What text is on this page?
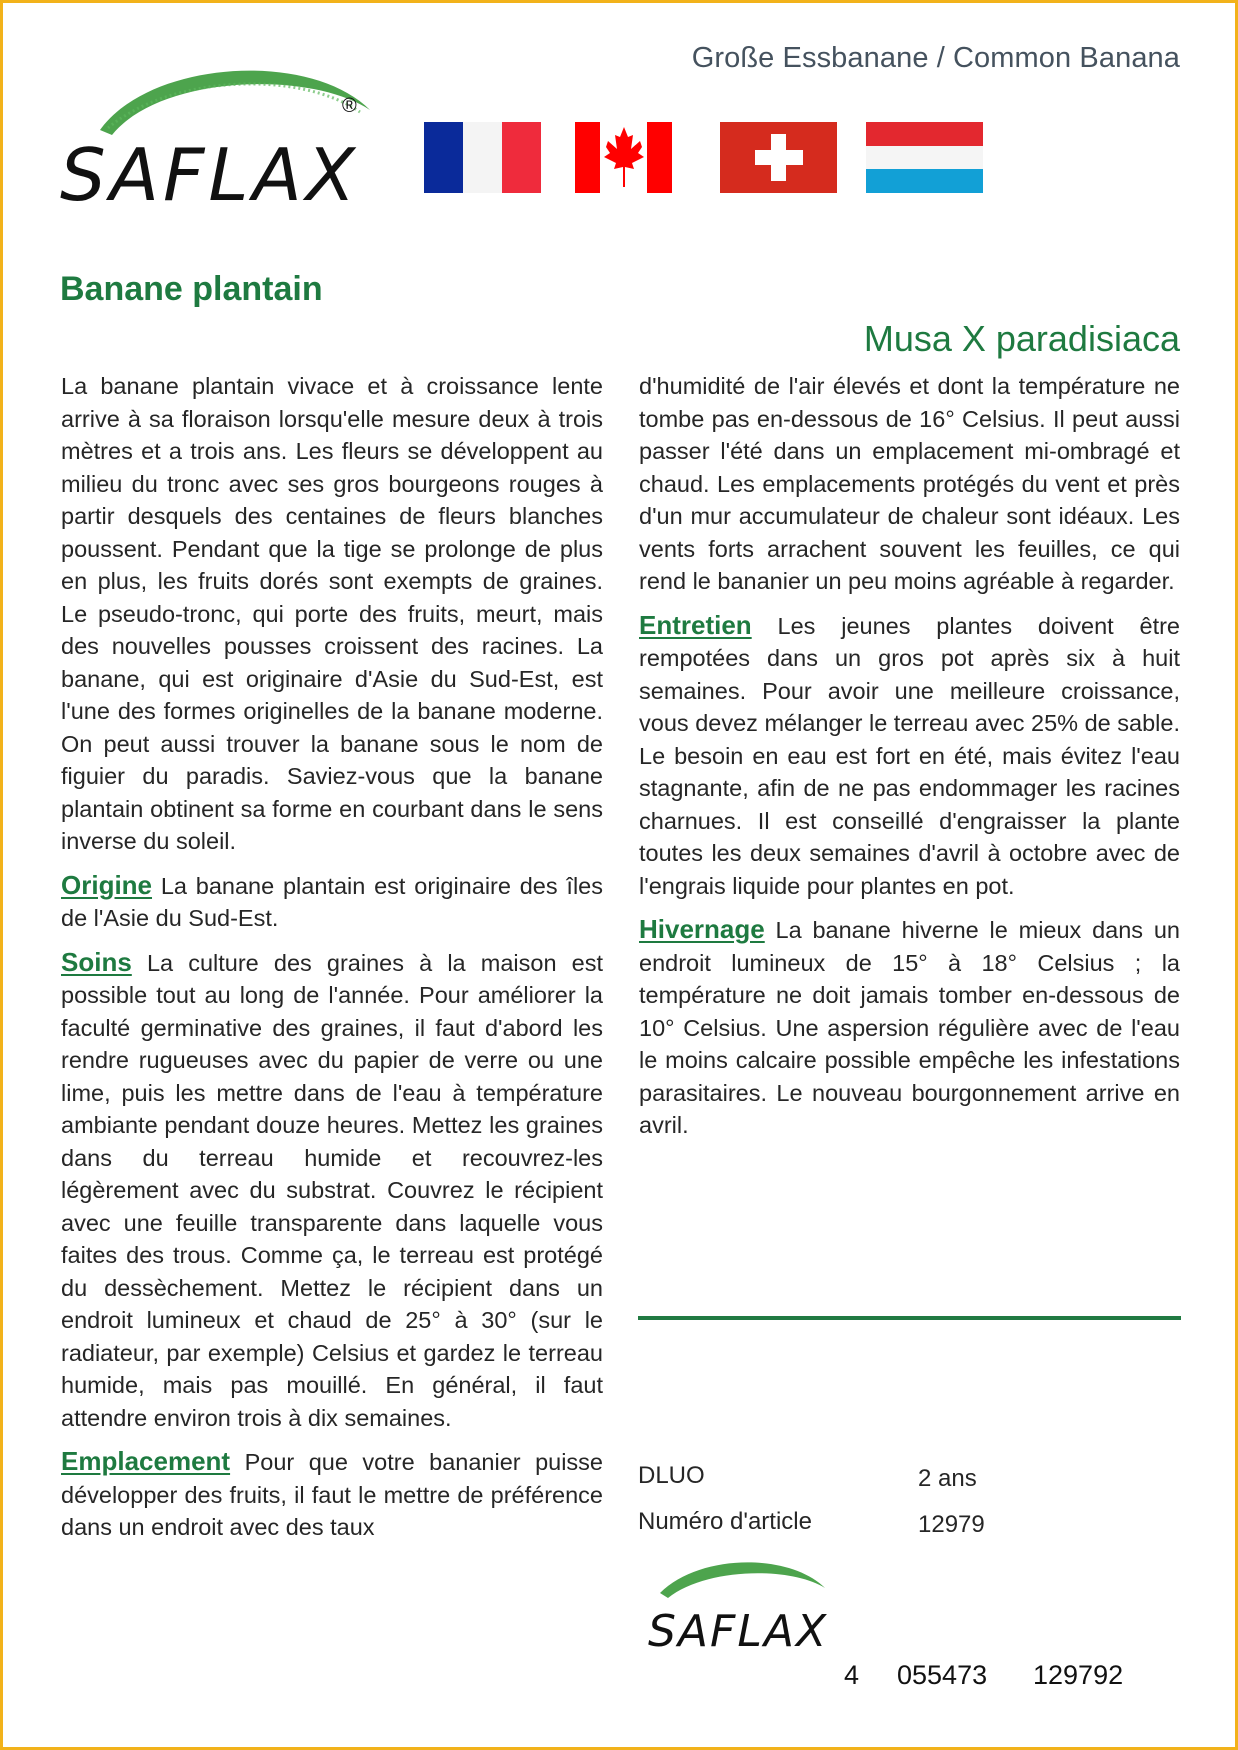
SAFLAX
®
Große Essbanane / Common Banana
Banane plantain
Musa X paradisiaca

La banane plantain vivace et à croissance lente arrive à sa floraison lorsqu'elle mesure deux à trois mètres et a trois ans. Les fleurs se développent au milieu du tronc avec ses gros bourgeons rouges à partir desquels des centaines de fleurs blanches poussent. Pendant que la tige se prolonge de plus en plus, les fruits dorés sont exempts de graines. Le pseudo-tronc, qui porte des fruits, meurt, mais des nouvelles pousses croissent des racines. La banane, qui est originaire d'Asie du Sud-Est, est l'une des formes originelles de la banane moderne. On peut aussi trouver la banane sous le nom de figuier du paradis. Saviez-vous que la banane plantain obtinent sa forme en courbant dans le sens inverse du soleil.

Origine La banane plantain est originaire des îles de l'Asie du Sud-Est.

Soins La culture des graines à la maison est possible tout au long de l'année. Pour améliorer la faculté germinative des graines, il faut d'abord les rendre rugueuses avec du papier de verre ou une lime, puis les mettre dans de l'eau à température ambiante pendant douze heures. Mettez les graines dans du terreau humide et recouvrez-les légèrement avec du substrat. Couvrez le récipient avec une feuille transparente dans laquelle vous faites des trous. Comme ça, le terreau est protégé du dessèchement. Mettez le récipient dans un endroit lumineux et chaud de 25° à 30° (sur le radiateur, par exemple) Celsius et gardez le terreau humide, mais pas mouillé. En général, il faut attendre environ trois à dix semaines.

Emplacement Pour que votre bananier puisse développer des fruits, il faut le mettre de préférence dans un endroit avec des taux

d'humidité de l'air élevés et dont la température ne tombe pas en-dessous de 16° Celsius. Il peut aussi passer l'été dans un emplacement mi-ombragé et chaud. Les emplacements protégés du vent et près d'un mur accumulateur de chaleur sont idéaux. Les vents forts arrachent souvent les feuilles, ce qui rend le bananier un peu moins agréable à regarder.

Entretien Les jeunes plantes doivent être rempotées dans un gros pot après six à huit semaines. Pour avoir une meilleure croissance, vous devez mélanger le terreau avec 25% de sable. Le besoin en eau est fort en été, mais évitez l'eau stagnante, afin de ne pas endommager les racines charnues. Il est conseillé d'engraisser la plante toutes les deux semaines d'avril à octobre avec de l'engrais liquide pour plantes en pot.

Hivernage La banane hiverne le mieux dans un endroit lumineux de 15° à 18° Celsius ; la température ne doit jamais tomber en-dessous de 10° Celsius. Une aspersion régulière avec de l'eau le moins calcaire possible empêche les infestations parasitaires. Le nouveau bourgonnement arrive en avril.

DLUO	2 ans
Numéro d'article	12979
SAFLAX
4 055473 129792
